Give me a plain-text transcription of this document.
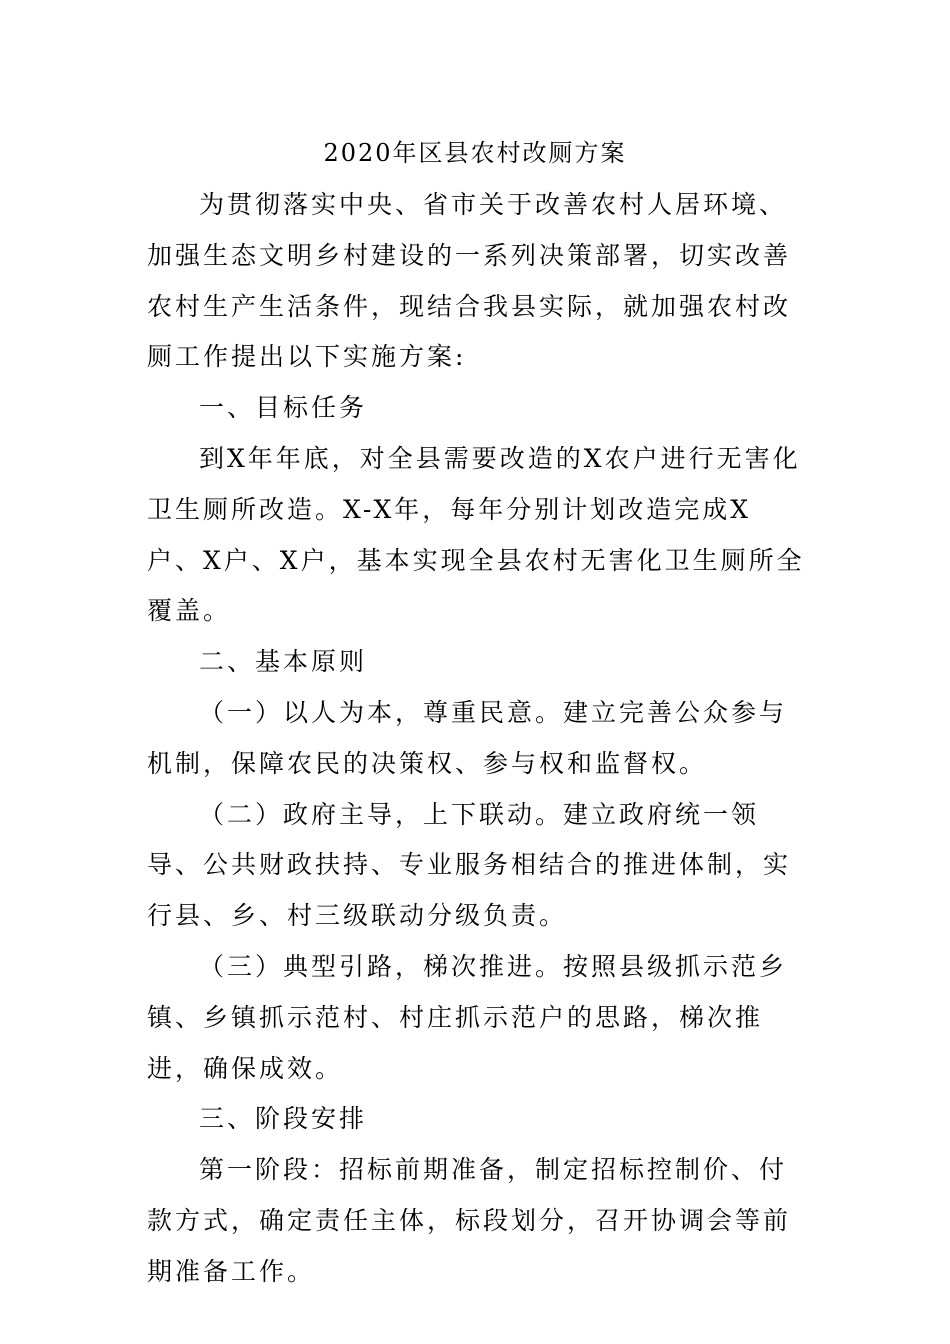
2020年区县农村改厕方案

为贯彻落实中央、省市关于改善农村人居环境、加强生态文明乡村建设的一系列决策部署，切实改善农村生产生活条件，现结合我县实际，就加强农村改厕工作提出以下实施方案:

一、目标任务

到X年年底，对全县需要改造的X农户进行无害化卫生厕所改造。X-X年，每年分别计划改造完成X户、X户、X户，基本实现全县农村无害化卫生厕所全覆盖。

二、基本原则

（一）以人为本，尊重民意。建立完善公众参与机制，保障农民的决策权、参与权和监督权。

（二）政府主导，上下联动。建立政府统一领导、公共财政扶持、专业服务相结合的推进体制，实行县、乡、村三级联动分级负责。

（三）典型引路，梯次推进。按照县级抓示范乡镇、乡镇抓示范村、村庄抓示范户的思路，梯次推进，确保成效。

三、阶段安排

第一阶段：招标前期准备，制定招标控制价、付款方式，确定责任主体，标段划分，召开协调会等前期准备工作。
